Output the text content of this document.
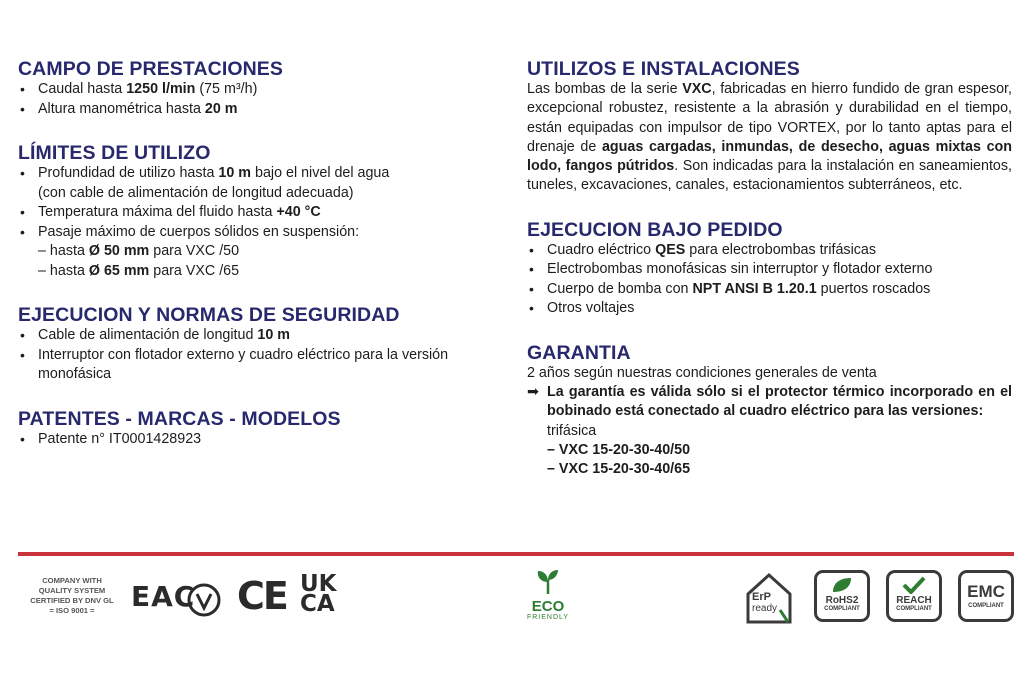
CAMPO DE PRESTACIONES
• Caudal hasta 1250 l/min (75 m³/h)
• Altura manométrica hasta 20 m
LÍMITES DE UTILIZO
• Profundidad de utilizo hasta 10 m bajo el nivel del agua
(con cable de alimentación de longitud adecuada)
• Temperatura máxima del fluido hasta +40 °C
• Pasaje máximo de cuerpos sólidos en suspensión:
– hasta Ø 50 mm para VXC /50
– hasta Ø 65 mm para VXC /65
EJECUCION Y NORMAS DE SEGURIDAD
• Cable de alimentación de longitud 10 m
• Interruptor con flotador externo y cuadro eléctrico para la versión monofásica
PATENTES - MARCAS - MODELOS
• Patente n° IT0001428923
UTILIZOS E INSTALACIONES

Las bombas de la serie VXC, fabricadas en hierro fundido de gran espesor, excepcional robustez, resistente a la abrasión y durabilidad en el tiempo, están equipadas con impulsor de tipo VORTEX, por lo tanto aptas para el drenaje de aguas cargadas, inmundas, de desecho, aguas mixtas con lodo, fangos pútridos. Son indicadas para la instalación en saneamientos, tuneles, excavaciones, canales, estacionamientos subterráneos, etc.

EJECUCION BAJO PEDIDO
• Cuadro eléctrico QES para electrobombas trifásicas
• Electrobombas monofásicas sin interruptor y flotador externo
• Cuerpo de bomba con NPT ANSI B 1.20.1 puertos roscados
• Otros voltajes
GARANTIA

2 años según nuestras condiciones generales de venta

➡ La garantía es válida sólo si el protector térmico incorporado en el bobinado está conectado al cuadro eléctrico para las versiones:

trifásica
– VXC 15-20-30-40/50
– VXC 15-20-30-40/65
COMPANY WITH
QUALITY SYSTEM
CERTIFIED BY DNV GL
= ISO 9001 =	EAC CE UK
CA	ECO
FRIENDLY
ErP
ready
RoHS2
COMPLIANT
REACH
COMPLIANT
EMC
COMPLIANT
